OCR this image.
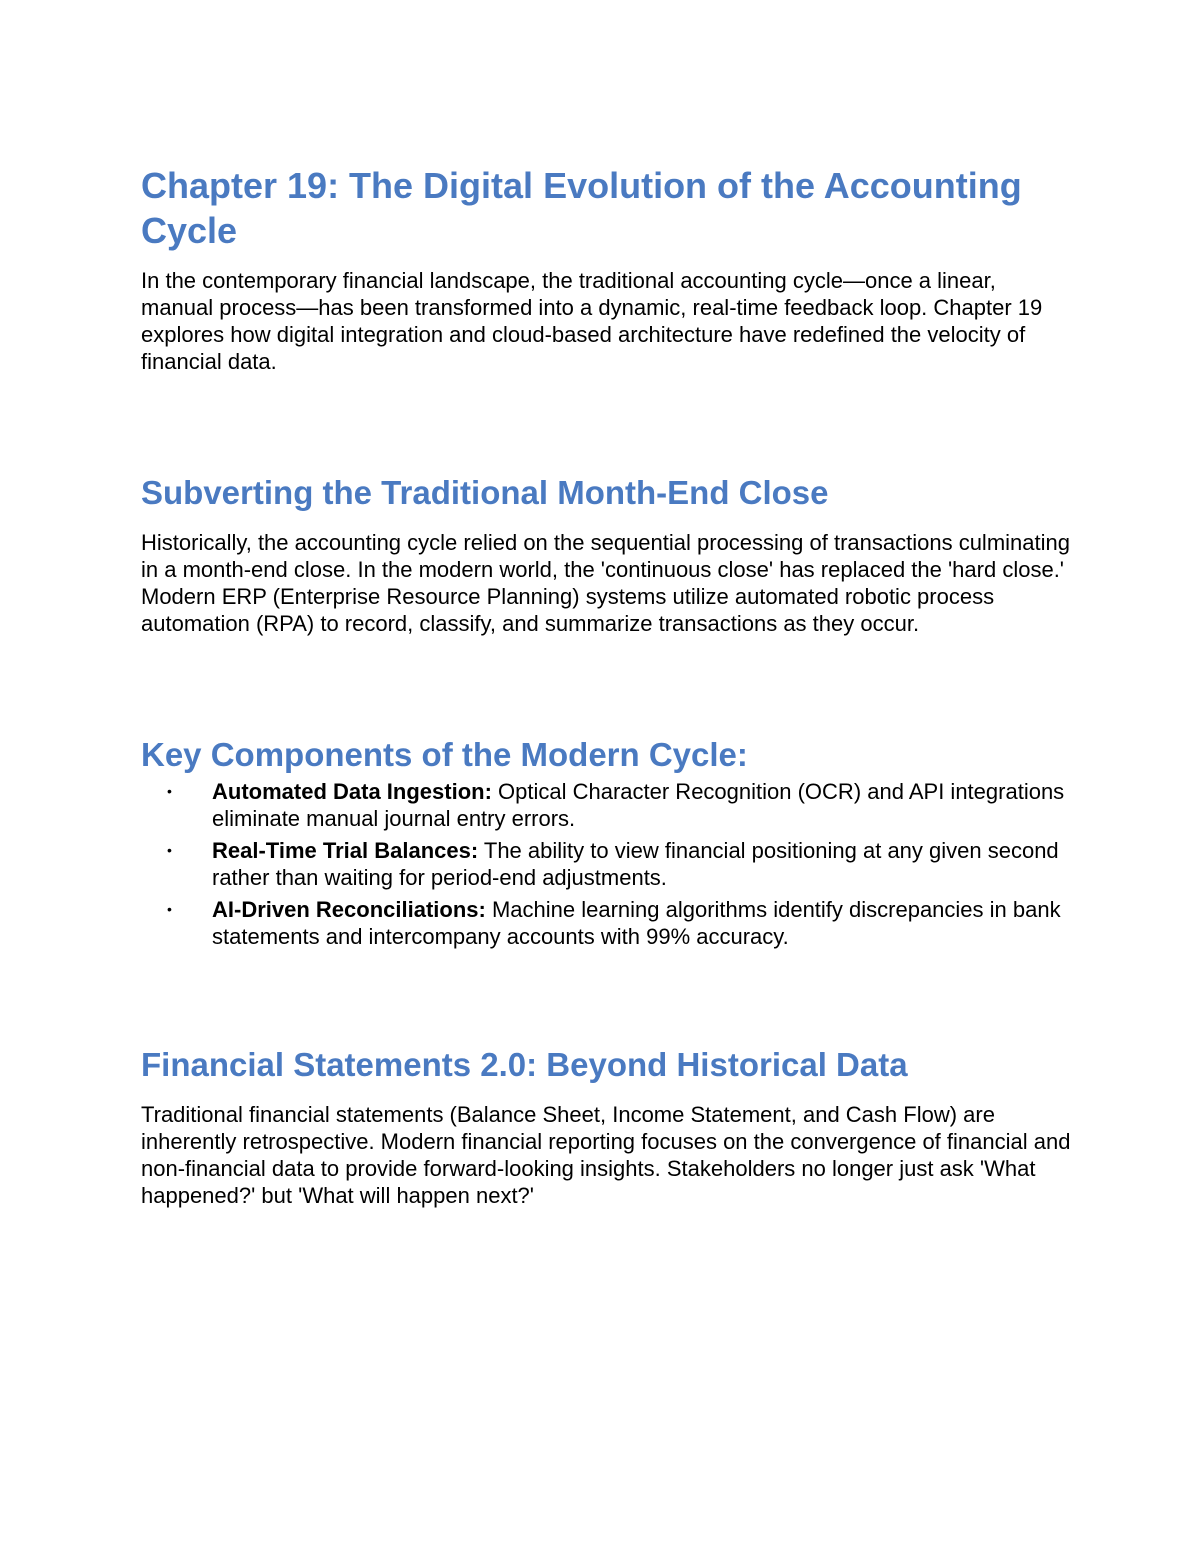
Chapter 19: The Digital Evolution of the Accounting Cycle

In the contemporary financial landscape, the traditional accounting cycle—once a linear, manual process—has been transformed into a dynamic, real-time feedback loop. Chapter 19 explores how digital integration and cloud-based architecture have redefined the velocity of financial data.

Subverting the Traditional Month-End Close

Historically, the accounting cycle relied on the sequential processing of transactions culminating in a month-end close. In the modern world, the 'continuous close' has replaced the 'hard close.' Modern ERP (Enterprise Resource Planning) systems utilize automated robotic process automation (RPA) to record, classify, and summarize transactions as they occur.

Key Components of the Modern Cycle:
• Automated Data Ingestion: Optical Character Recognition (OCR) and API integrations eliminate manual journal entry errors.
• Real-Time Trial Balances: The ability to view financial positioning at any given second rather than waiting for period-end adjustments.
• AI-Driven Reconciliations: Machine learning algorithms identify discrepancies in bank statements and intercompany accounts with 99% accuracy.
Financial Statements 2.0: Beyond Historical Data

Traditional financial statements (Balance Sheet, Income Statement, and Cash Flow) are inherently retrospective. Modern financial reporting focuses on the convergence of financial and non-financial data to provide forward-looking insights. Stakeholders no longer just ask 'What happened?' but 'What will happen next?'
